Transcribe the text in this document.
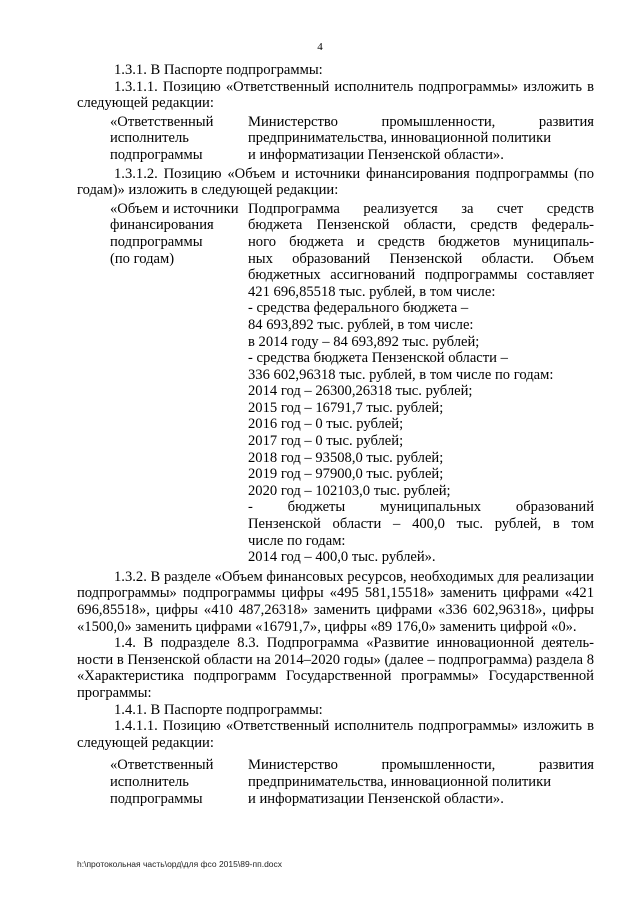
4

1.3.1. В Паспорте подпрограммы:

1.3.1.1. Позицию «Ответственный исполнитель подпрограммы» изложить в следующей редакции:

«Ответственный
исполнитель
подпрограммы
Министерство промышленности, развития
предпринимательства, инновационной политики
и информатизации Пензенской области».

1.3.1.2. Позицию «Объем и источники финансирования подпрограммы (по годам)» изложить в следующей редакции:

«Объем и источники
финансирования
подпрограммы
(по годам)
Подпрограмма реализуется за счет средств
бюджета Пензенской области, средств федераль-
ного бюджета и средств бюджетов муниципаль-
ных образований Пензенской области. Объем
бюджетных ассигнований подпрограммы составляет
421 696,85518 тыс. рублей, в том числе:
- средства федерального бюджета –
84 693,892 тыс. рублей, в том числе:
в 2014 году – 84 693,892 тыс. рублей;
- средства бюджета Пензенской области –
336 602,96318 тыс. рублей, в том числе по годам:
2014 год – 26300,26318 тыс. рублей;
2015 год – 16791,7 тыс. рублей;
2016 год – 0 тыс. рублей;
2017 год – 0 тыс. рублей;
2018 год – 93508,0 тыс. рублей;
2019 год – 97900,0 тыс. рублей;
2020 год – 102103,0 тыс. рублей;
- бюджеты муниципальных образований
Пензенской области – 400,0 тыс. рублей, в том
числе по годам:
2014 год – 400,0 тыс. рублей».

1.3.2. В разделе «Объем финансовых ресурсов, необходимых для реализации подпрограммы» подпрограммы цифры «495 581,15518» заменить цифрами «421 696,85518», цифры «410 487,26318» заменить цифрами «336 602,96318», цифры «1500,0» заменить цифрами «16791,7», цифры «89 176,0» заменить цифрой «0».

1.4. В подразделе 8.3. Подпрограмма «Развитие инновационной деятель-ности в Пензенской области на 2014–2020 годы» (далее – подпрограмма) раздела 8 «Характеристика подпрограмм Государственной программы» Государственной программы:

1.4.1. В Паспорте подпрограммы:

1.4.1.1. Позицию «Ответственный исполнитель подпрограммы» изложить в следующей редакции:

«Ответственный
исполнитель
подпрограммы
Министерство промышленности, развития
предпринимательства, инновационной политики
и информатизации Пензенской области».
h:\протокольная часть\орд\для фсо 2015\89-пп.docx
